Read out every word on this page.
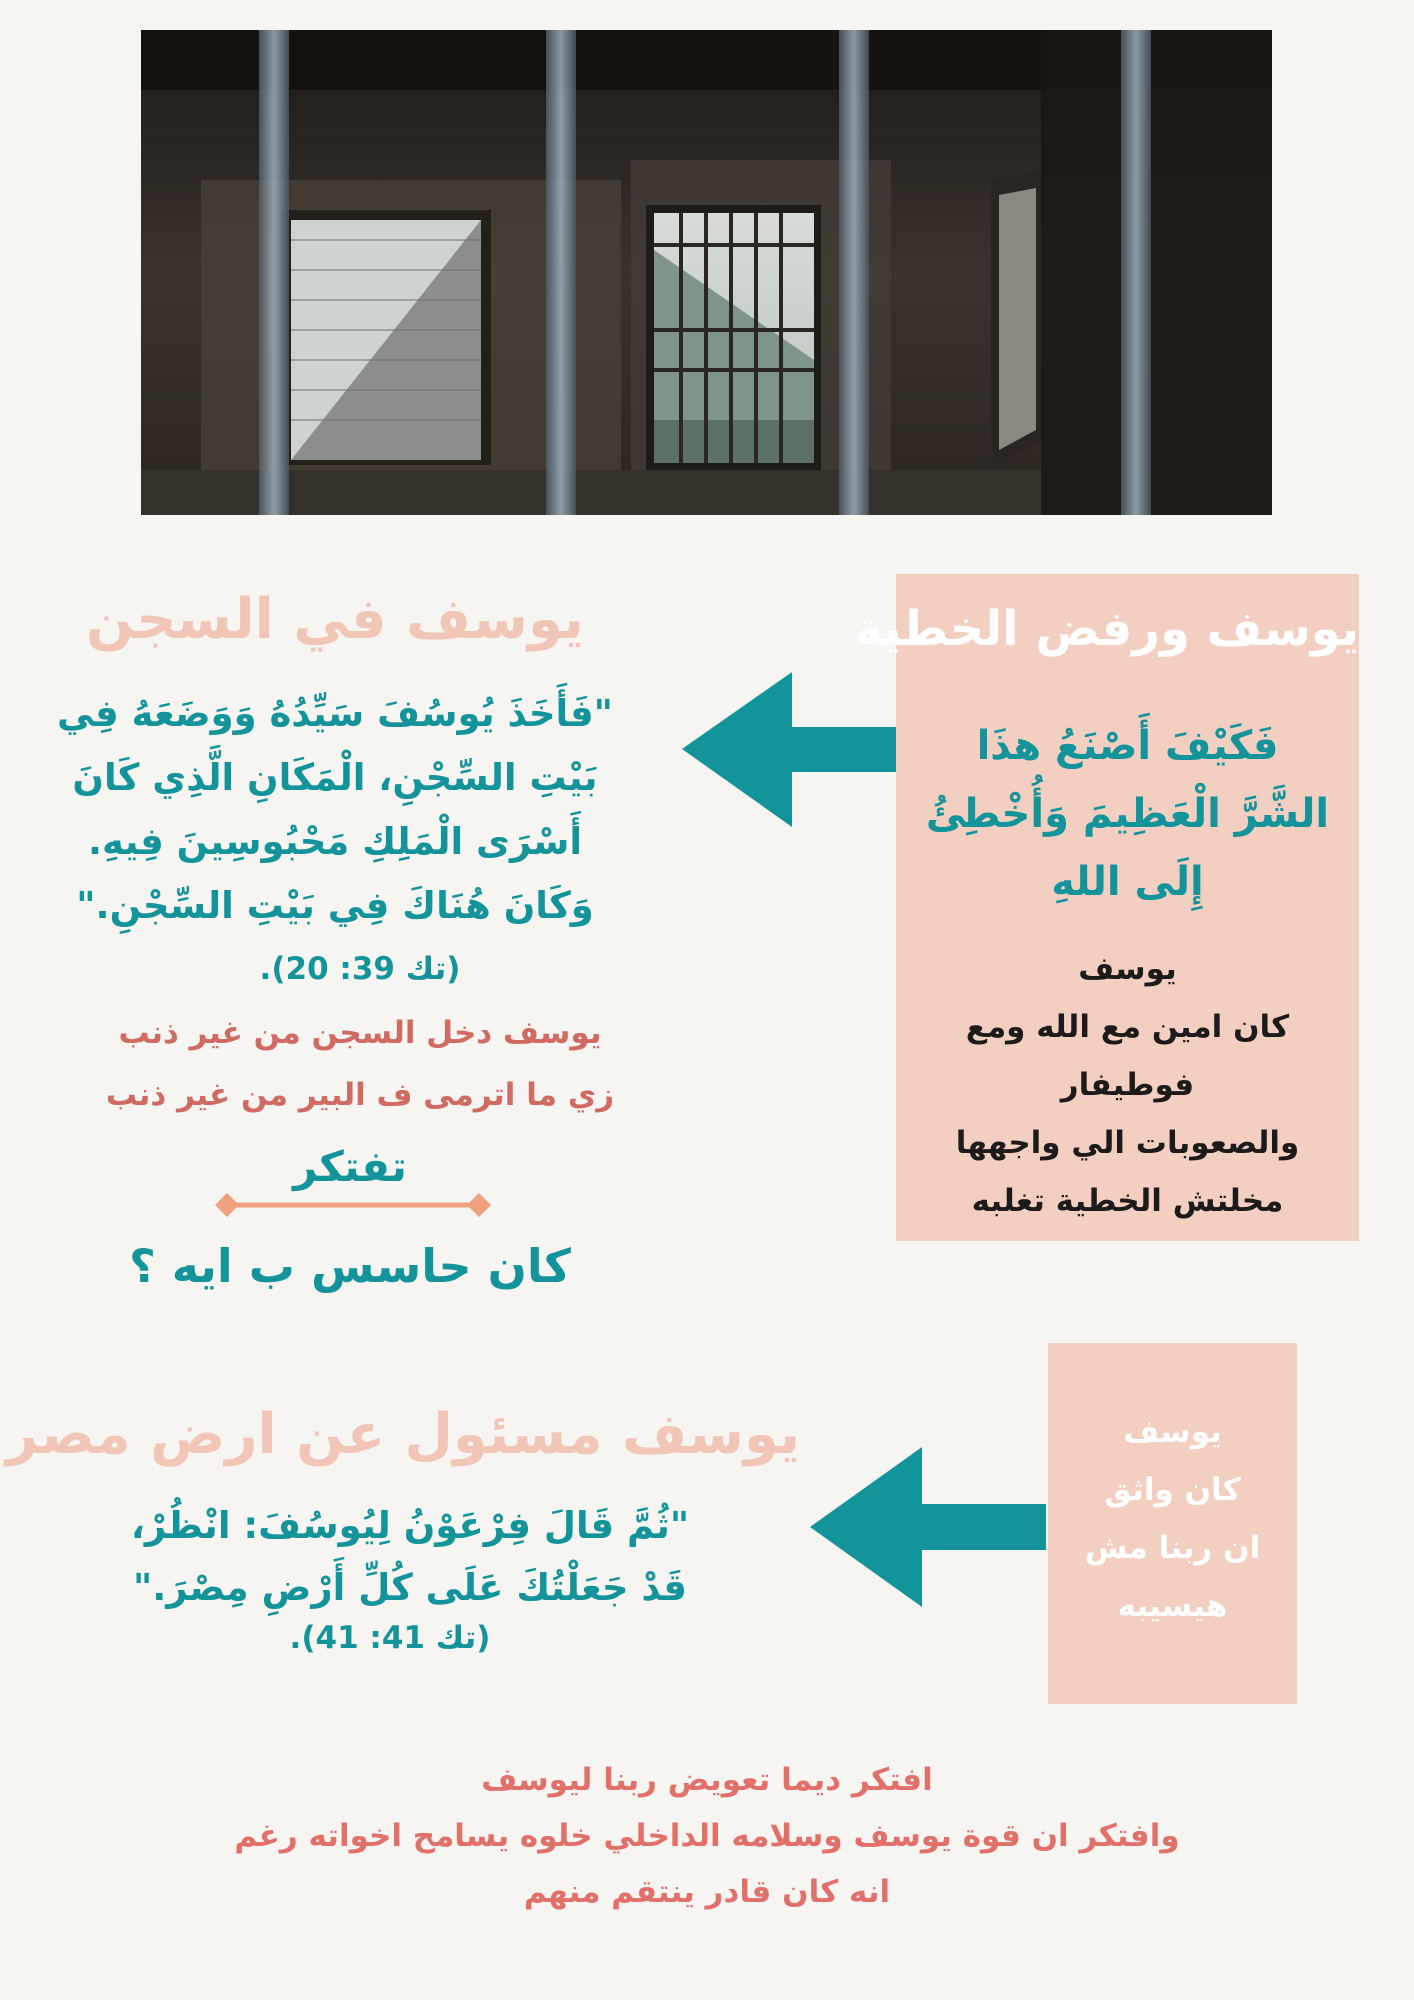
يوسف في السجن
"فَأَخَذَ يُوسُفَ سَيِّدُهُ وَوَضَعَهُ فِي
بَيْتِ السِّجْنِ، الْمَكَانِ الَّذِي كَانَ
أَسْرَى الْمَلِكِ مَحْبُوسِينَ فِيهِ.
وَكَانَ هُنَاكَ فِي بَيْتِ السِّجْنِ."
(تك 39: 20).
يوسف دخل السجن من غير ذنب
زي ما اترمى ف البير من غير ذنب
تفتكر
كان حاسس ب ايه ؟
يوسف ورفض الخطية
فَكَيْفَ أَصْنَعُ هذَا
الشَّرَّ الْعَظِيمَ وَأُخْطِئُ
إِلَى اللهِ
يوسف
كان امين مع الله ومع
فوطيفار
والصعوبات الي واجهها
مخلتش الخطية تغلبه
يوسف مسئول عن ارض مصر
"ثُمَّ قَالَ فِرْعَوْنُ لِيُوسُفَ: انْظُرْ،
قَدْ جَعَلْتُكَ عَلَى كُلِّ أَرْضِ مِصْرَ."
(تك 41: 41).
يوسف
كان واثق
ان ربنا مش
هيسيبه
افتكر ديما تعويض ربنا ليوسف
وافتكر ان قوة يوسف وسلامه الداخلي خلوه يسامح اخواته رغم
انه كان قادر ينتقم منهم
